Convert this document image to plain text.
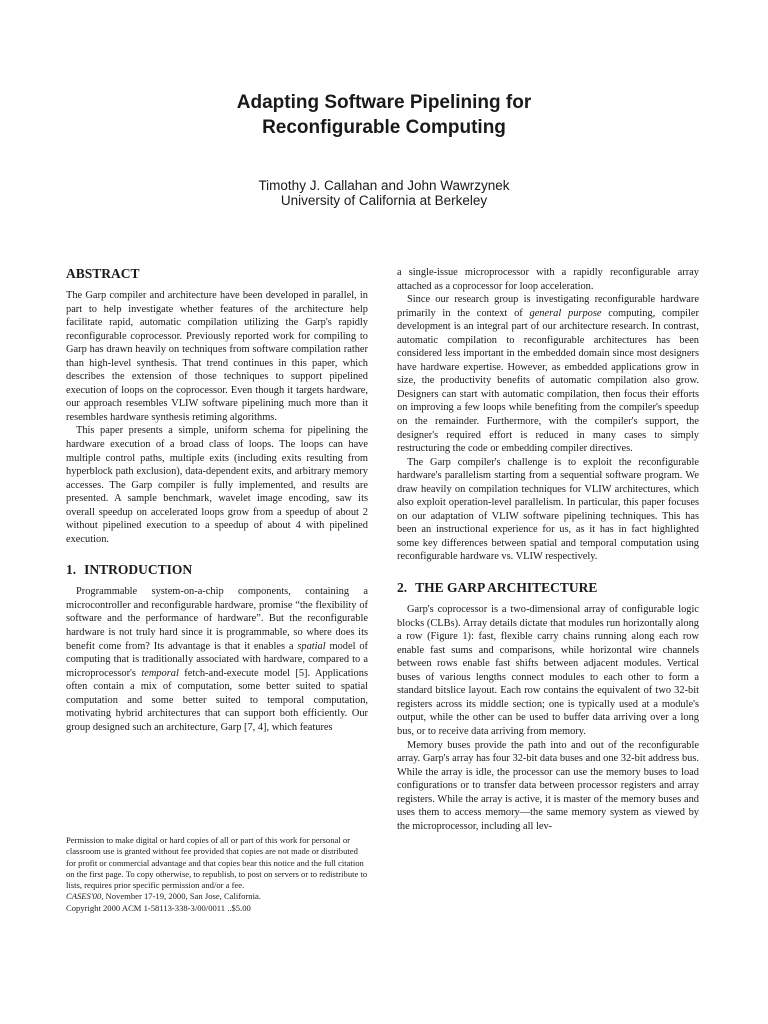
Adapting Software Pipelining for
Reconfigurable Computing
Timothy J. Callahan and John Wawrzynek
University of California at Berkeley
ABSTRACT

The Garp compiler and architecture have been developed in parallel, in part to help investigate whether features of the architecture help facilitate rapid, automatic compilation utilizing the Garp's rapidly reconfigurable coprocessor. Previously reported work for compiling to Garp has drawn heavily on techniques from software compilation rather than high-level synthesis. That trend continues in this paper, which describes the extension of those techniques to support pipelined execution of loops on the coprocessor. Even though it targets hardware, our approach resembles VLIW software pipelining much more than it resembles hardware synthesis retiming algorithms.

This paper presents a simple, uniform schema for pipelining the hardware execution of a broad class of loops. The loops can have multiple control paths, multiple exits (including exits resulting from hyperblock path exclusion), data-dependent exits, and arbitrary memory accesses. The Garp compiler is fully implemented, and results are presented. A sample benchmark, wavelet image encoding, saw its overall speedup on accelerated loops grow from a speedup of about 2 without pipelined execution to a speedup of about 4 with pipelined execution.

1. INTRODUCTION

Programmable system-on-a-chip components, containing a microcontroller and reconfigurable hardware, promise “the flexibility of software and the performance of hardware”. But the reconfigurable hardware is not truly hard since it is programmable, so where does its benefit come from? Its advantage is that it enables a spatial model of computing that is traditionally associated with hardware, compared to a microprocessor's temporal fetch-and-execute model [5]. Applications often contain a mix of computation, some better suited to spatial computation and some better suited to temporal computation, motivating hybrid architectures that can support both efficiently. Our group designed such an architecture, Garp [7, 4], which features

Permission to make digital or hard copies of all or part of this work for personal or classroom use is granted without fee provided that copies are not made or distributed for profit or commercial advantage and that copies bear this notice and the full citation on the first page. To copy otherwise, to republish, to post on servers or to redistribute to lists, requires prior specific permission and/or a fee.
CASES'00, November 17-19, 2000, San Jose, California.
Copyright 2000 ACM 1-58113-338-3/00/0011 ..$5.00

a single-issue microprocessor with a rapidly reconfigurable array attached as a coprocessor for loop acceleration.

Since our research group is investigating reconfigurable hardware primarily in the context of general purpose computing, compiler development is an integral part of our architecture research. In contrast, automatic compilation to reconfigurable architectures has been considered less important in the embedded domain since most designers have hardware expertise. However, as embedded applications grow in size, the productivity benefits of automatic compilation also grow. Designers can start with automatic compilation, then focus their efforts on improving a few loops while benefiting from the compiler's speedup on the remainder. Furthermore, with the compiler's support, the designer's required effort is reduced in many cases to simply restructuring the code or embedding compiler directives.

The Garp compiler's challenge is to exploit the reconfigurable hardware's parallelism starting from a sequential software program. We draw heavily on compilation techniques for VLIW architectures, which also exploit operation-level parallelism. In particular, this paper focuses on our adaptation of VLIW software pipelining techniques. This has been an instructional experience for us, as it has in fact highlighted some key differences between spatial and temporal computation using reconfigurable hardware vs. VLIW respectively.

2. THE GARP ARCHITECTURE

Garp's coprocessor is a two-dimensional array of configurable logic blocks (CLBs). Array details dictate that modules run horizontally along a row (Figure 1): fast, flexible carry chains running along each row enable fast sums and comparisons, while horizontal wire channels between rows enable fast shifts between adjacent modules. Vertical buses of various lengths connect modules to each other to form a standard bitslice layout. Each row contains the equivalent of two 32-bit registers across its middle section; one is typically used at a module's output, while the other can be used to buffer data arriving over a long bus, or to receive data arriving from memory.

Memory buses provide the path into and out of the reconfigurable array. Garp's array has four 32-bit data buses and one 32-bit address bus. While the array is idle, the processor can use the memory buses to load configurations or to transfer data between processor registers and array registers. While the array is active, it is master of the memory buses and uses them to access memory—the same memory system as viewed by the microprocessor, including all lev-
